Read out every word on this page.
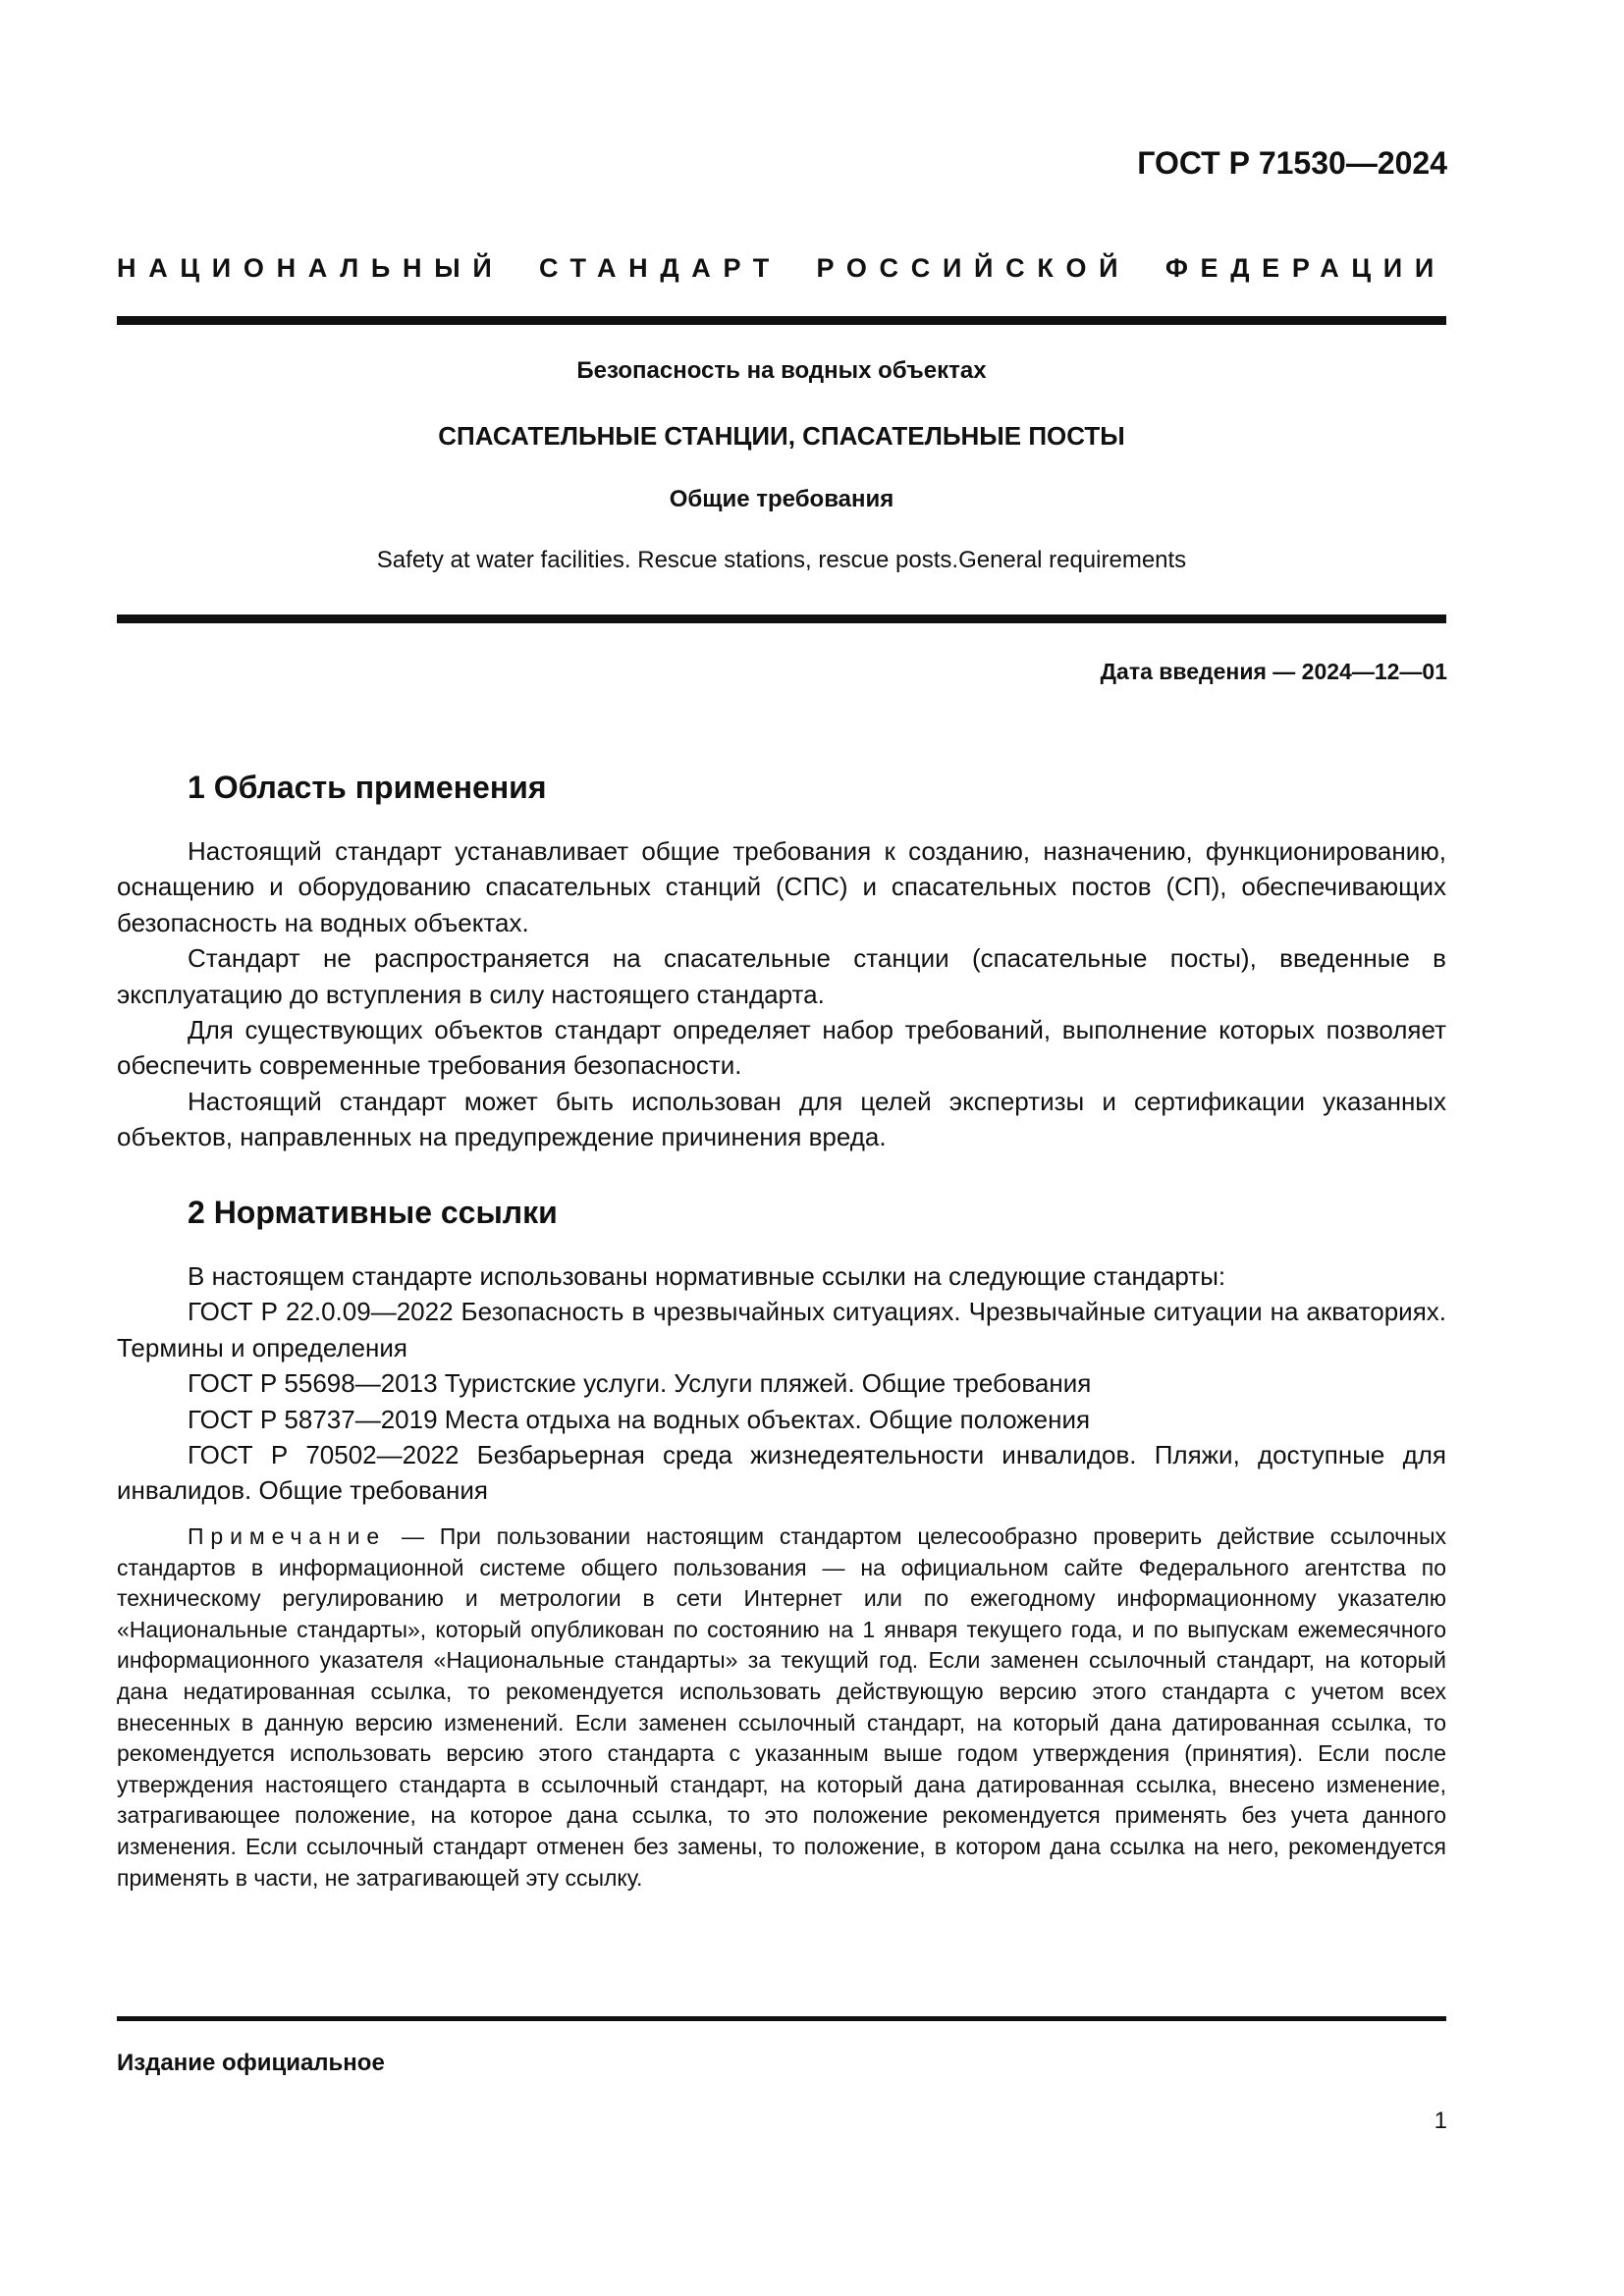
ГОСТ Р 71530—2024
НАЦИОНАЛЬНЫЙ СТАНДАРТ РОССИЙСКОЙ ФЕДЕРАЦИИ
Безопасность на водных объектах
СПАСАТЕЛЬНЫЕ СТАНЦИИ, СПАСАТЕЛЬНЫЕ ПОСТЫ
Общие требования
Safety at water facilities. Rescue stations, rescue posts.General requirements
Дата введения — 2024—12—01
1 Область применения

Настоящий стандарт устанавливает общие требования к созданию, назначению, функционированию, оснащению и оборудованию спасательных станций (СПС) и спасательных постов (СП), обеспечивающих безопасность на водных объектах.

Стандарт не распространяется на спасательные станции (спасательные посты), введенные в эксплуатацию до вступления в силу настоящего стандарта.

Для существующих объектов стандарт определяет набор требований, выполнение которых позволяет обеспечить современные требования безопасности.

Настоящий стандарт может быть использован для целей экспертизы и сертификации указанных объектов, направленных на предупреждение причинения вреда.

2 Нормативные ссылки

В настоящем стандарте использованы нормативные ссылки на следующие стандарты:

ГОСТ Р 22.0.09—2022 Безопасность в чрезвычайных ситуациях. Чрезвычайные ситуации на акваториях. Термины и определения

ГОСТ Р 55698—2013 Туристские услуги. Услуги пляжей. Общие требования

ГОСТ Р 58737—2019 Места отдыха на водных объектах. Общие положения

ГОСТ Р 70502—2022 Безбарьерная среда жизнедеятельности инвалидов. Пляжи, доступные для инвалидов. Общие требования

Примечание — При пользовании настоящим стандартом целесообразно проверить действие ссылочных стандартов в информационной системе общего пользования — на официальном сайте Федерального агентства по техническому регулированию и метрологии в сети Интернет или по ежегодному информационному указателю «Национальные стандарты», который опубликован по состоянию на 1 января текущего года, и по выпускам ежемесячного информационного указателя «Национальные стандарты» за текущий год. Если заменен ссылочный стандарт, на который дана недатированная ссылка, то рекомендуется использовать действующую версию этого стандарта с учетом всех внесенных в данную версию изменений. Если заменен ссылочный стандарт, на который дана датированная ссылка, то рекомендуется использовать версию этого стандарта с указанным выше годом утверждения (принятия). Если после утверждения настоящего стандарта в ссылочный стандарт, на который дана датированная ссылка, внесено изменение, затрагивающее положение, на которое дана ссылка, то это положение рекомендуется применять без учета данного изменения. Если ссылочный стандарт отменен без замены, то положение, в котором дана ссылка на него, рекомендуется применять в части, не затрагивающей эту ссылку.
Издание официальное
1
